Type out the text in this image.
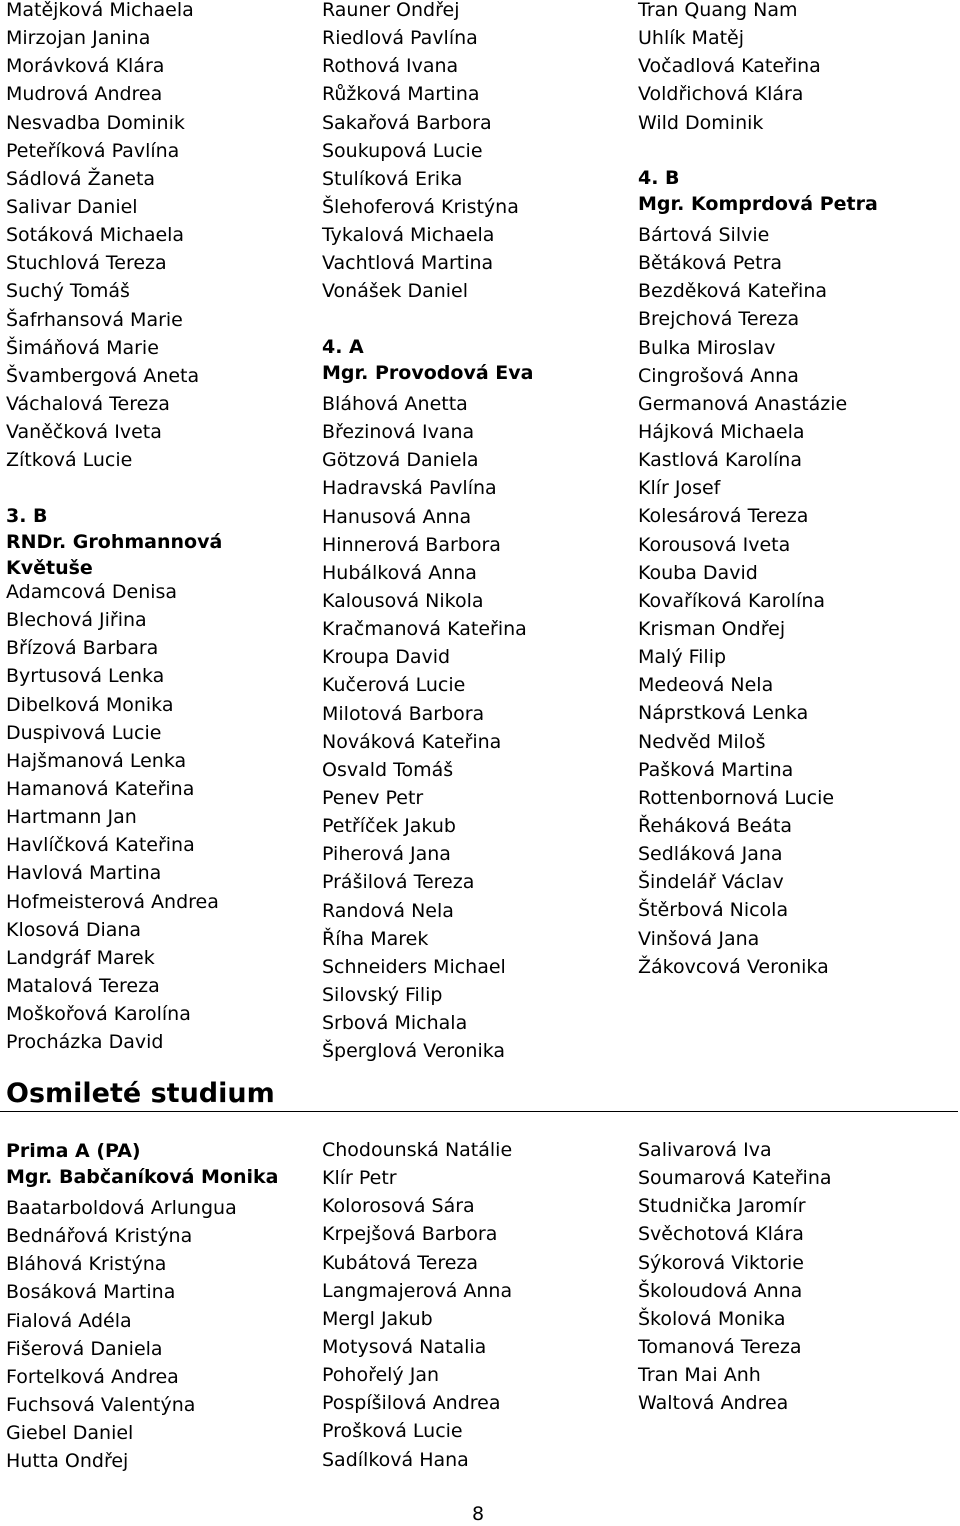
Matějková Michaela
Mirzojan Janina
Morávková Klára
Mudrová Andrea
Nesvadba Dominik
Peteříková Pavlína
Sádlová Žaneta
Salivar Daniel
Sotáková Michaela
Stuchlová Tereza
Suchý Tomáš
Šafrhansová Marie
Šimáňová Marie
Švambergová Aneta
Váchalová Tereza
Vaněčková Iveta
Zítková Lucie
3. B
RNDr. Grohmannová Květuše
Adamcová Denisa
Blechová Jiřina
Břízová Barbara
Byrtusová Lenka
Dibelková Monika
Duspivová Lucie
Hajšmanová Lenka
Hamanová Kateřina
Hartmann Jan
Havlíčková Kateřina
Havlová Martina
Hofmeisterová Andrea
Klosová Diana
Landgráf Marek
Matalová Tereza
Moškořová Karolína
Procházka David
Rauner Ondřej
Riedlová Pavlína
Rothová Ivana
Růžková Martina
Sakařová Barbora
Soukupová Lucie
Stulíková Erika
Šlehoferová Kristýna
Tykalová Michaela
Vachtlová Martina
Vonášek Daniel
4. A
Mgr. Provodová Eva
Bláhová Anetta
Březinová Ivana
Götzová Daniela
Hadravská Pavlína
Hanusová Anna
Hinnerová Barbora
Hubálková Anna
Kalousová Nikola
Kračmanová Kateřina
Kroupa David
Kučerová Lucie
Milotová Barbora
Nováková Kateřina
Osvald Tomáš
Penev Petr
Petříček Jakub
Piherová Jana
Prášilová Tereza
Randová Nela
Říha Marek
Schneiders Michael
Silovský Filip
Srbová Michala
Šperglová Veronika
Tran Quang Nam
Uhlík Matěj
Vočadlová Kateřina
Voldřichová Klára
Wild Dominik
4. B
Mgr. Komprdová Petra
Bártová Silvie
Bětáková Petra
Bezděková Kateřina
Brejchová Tereza
Bulka Miroslav
Cingrošová Anna
Germanová Anastázie
Hájková Michaela
Kastlová Karolína
Klír Josef
Kolesárová Tereza
Korousová Iveta
Kouba David
Kovaříková Karolína
Krisman Ondřej
Malý Filip
Medeová Nela
Náprstková Lenka
Nedvěd Miloš
Pašková Martina
Rottenbornová Lucie
Řeháková Beáta
Sedláková Jana
Šindelář Václav
Štěrbová Nicola
Vinšová Jana
Žákovcová Veronika
Osmileté studium
Prima A (PA)
Mgr. Babčaníková Monika
Baatarboldová Arlungua
Bednářová Kristýna
Bláhová Kristýna
Bosáková Martina
Fialová Adéla
Fišerová Daniela
Fortelková Andrea
Fuchsová Valentýna
Giebel Daniel
Hutta Ondřej
Chodounská Natálie
Klír Petr
Kolorosová Sára
Krpejšová Barbora
Kubátová Tereza
Langmajerová Anna
Mergl Jakub
Motysová Natalia
Pohořelý Jan
Pospíšilová Andrea
Prošková Lucie
Sadílková Hana
Salivarová Iva
Soumarová Kateřina
Studnička Jaromír
Svěchotová Klára
Sýkorová Viktorie
Školoudová Anna
Školová Monika
Tomanová Tereza
Tran Mai Anh
Waltová Andrea
8
